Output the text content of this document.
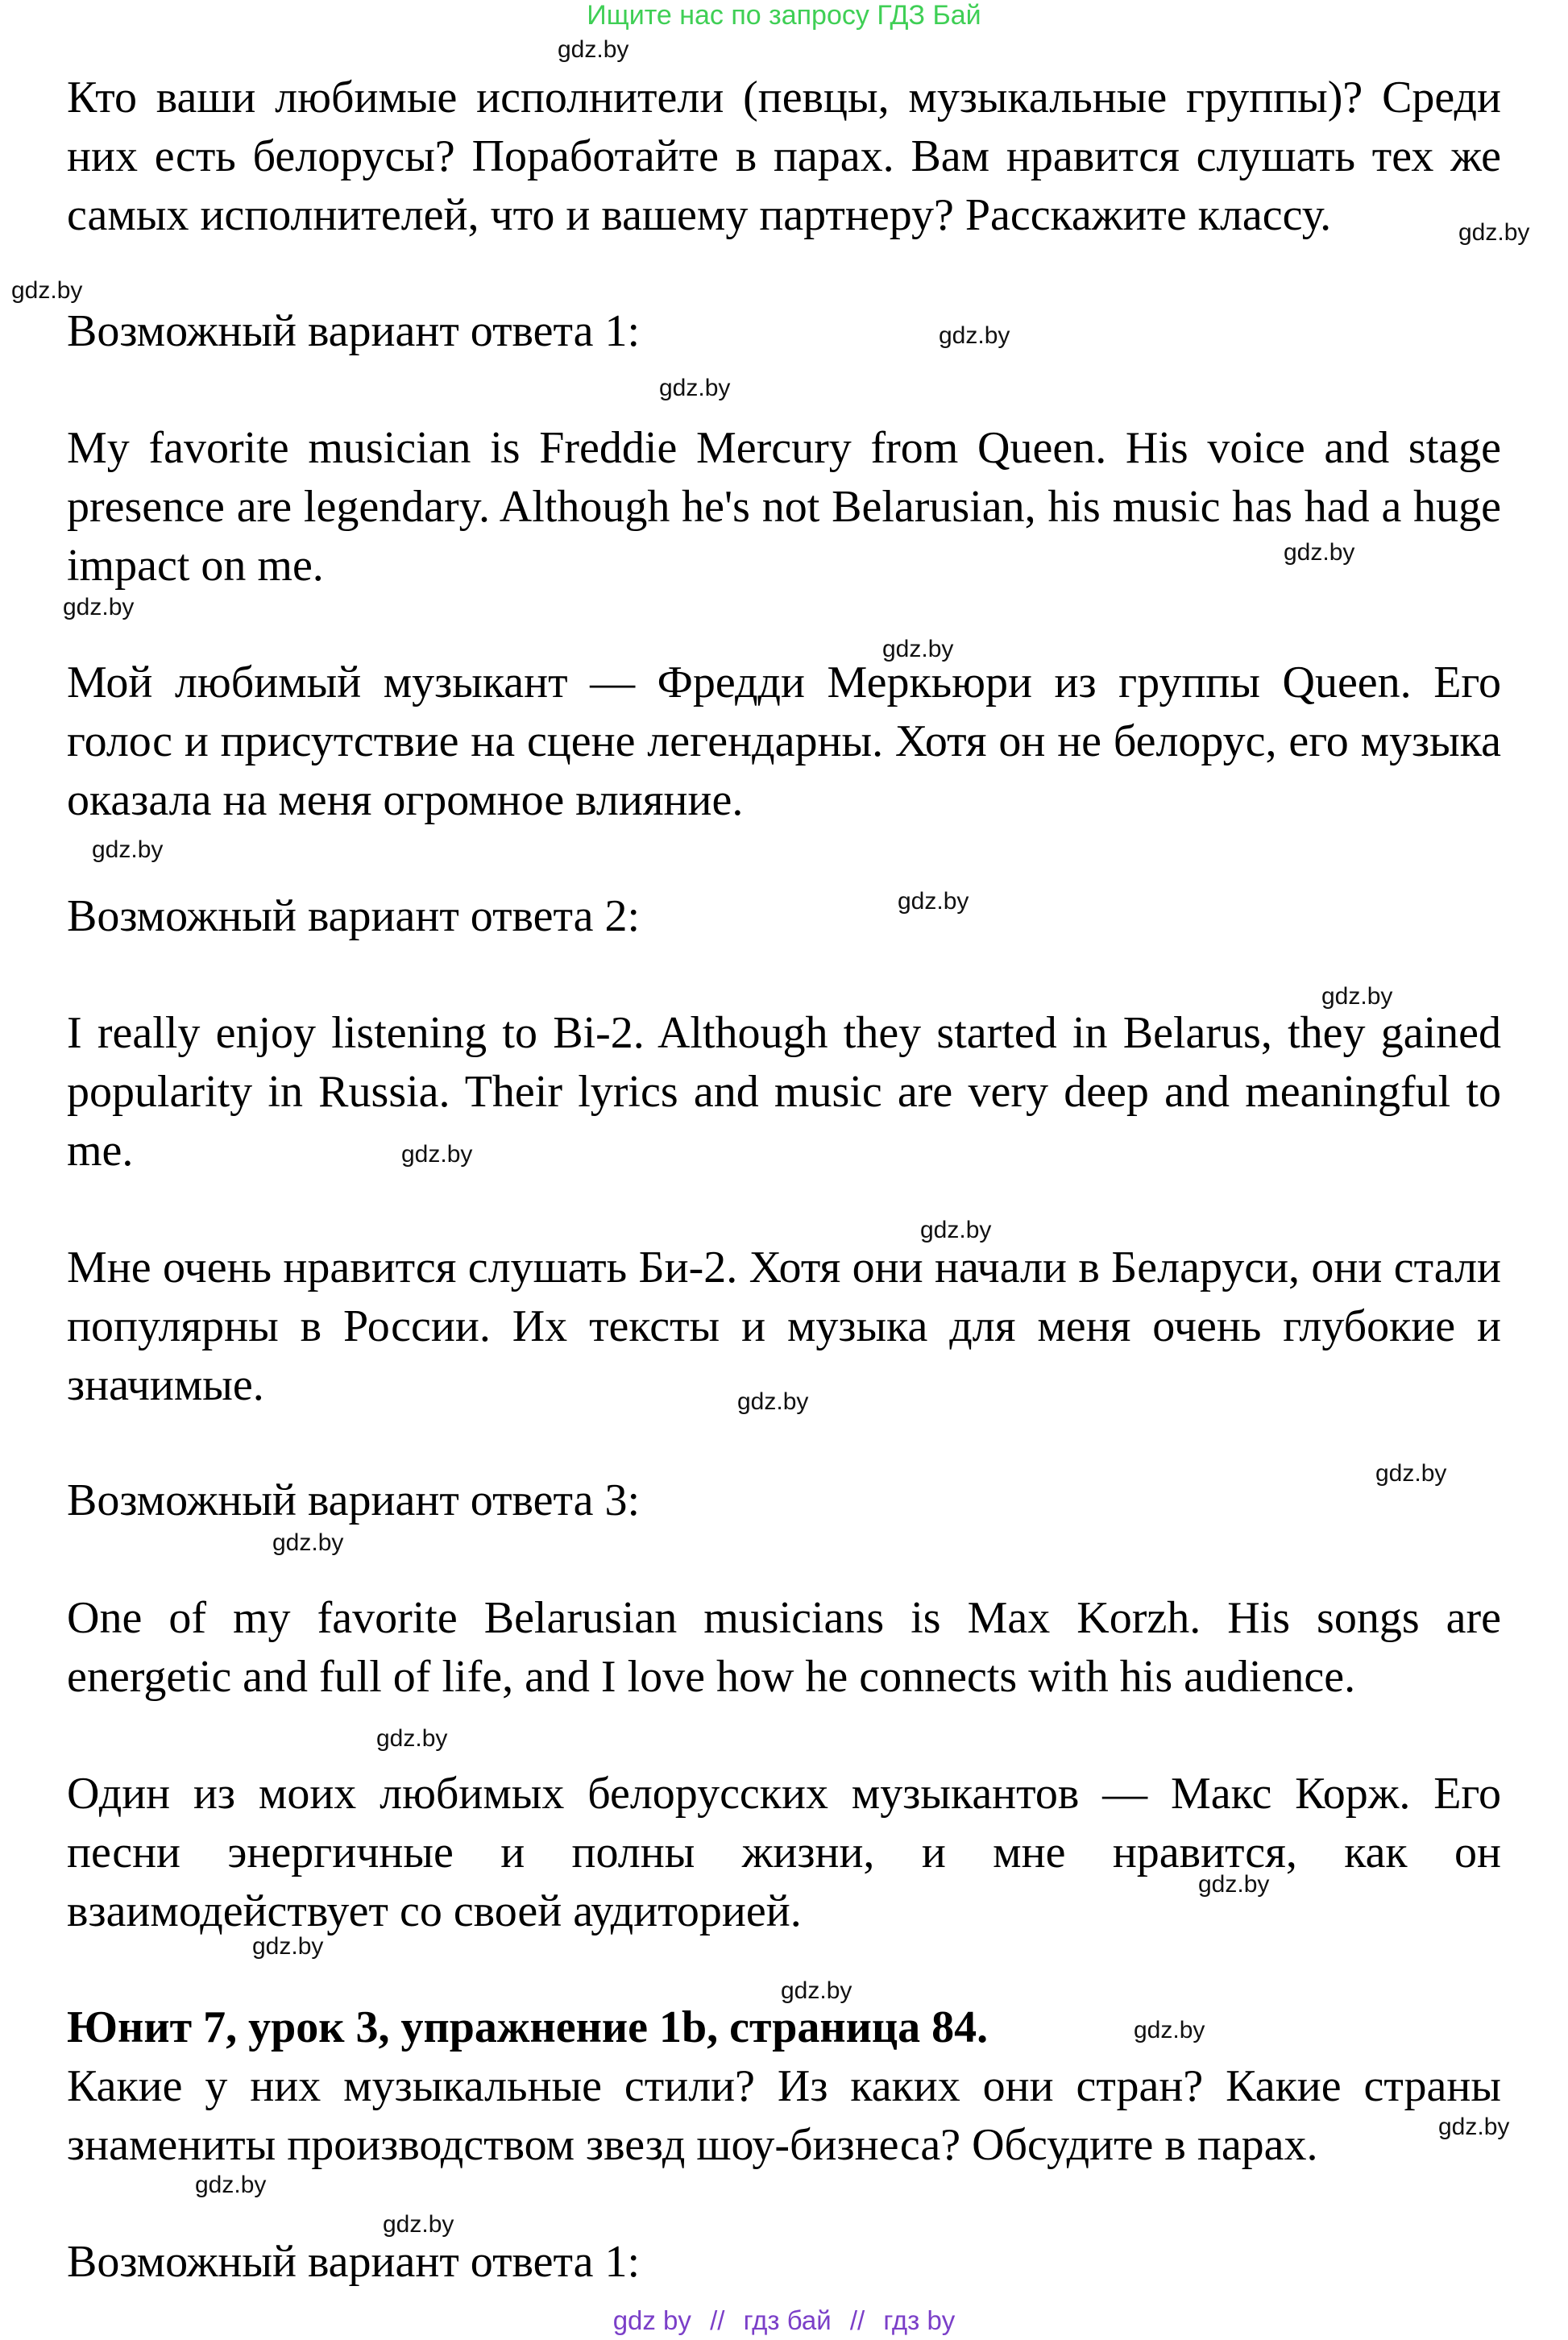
Ищите нас по запросу ГДЗ Бай

Кто ваши любимые исполнители (певцы, музыкальные группы)? Среди них есть белорусы? Поработайте в парах. Вам нравится слушать тех же самых исполнителей, что и вашему партнеру? Расскажите классу.

Возможный вариант ответа 1:

My favorite musician is Freddie Mercury from Queen. His voice and stage presence are legendary. Although he's not Belarusian, his music has had a huge impact on me.

Мой любимый музыкант — Фредди Меркьюри из группы Queen. Его голос и присутствие на сцене легендарны. Хотя он не белорус, его музыка оказала на меня огромное влияние.

Возможный вариант ответа 2:

I really enjoy listening to Bi-2. Although they started in Belarus, they gained popularity in Russia. Their lyrics and music are very deep and meaningful to me.

Мне очень нравится слушать Би-2. Хотя они начали в Беларуси, они стали популярны в России. Их тексты и музыка для меня очень глубокие и значимые.

Возможный вариант ответа 3:

One of my favorite Belarusian musicians is Max Korzh. His songs are energetic and full of life, and I love how he connects with his audience.

Один из моих любимых белорусских музыкантов — Макс Корж. Его песни энергичные и полны жизни, и мне нравится, как он взаимодействует со своей аудиторией.

Юнит 7, урок 3, упражнение 1b, страница 84.

Какие у них музыкальные стили? Из каких они стран? Какие страны знамениты производством звезд шоу-бизнеса? Обсудите в парах.

Возможный вариант ответа 1:

gdz.by
gdz.by
gdz.by
gdz.by
gdz.by
gdz.by
gdz.by
gdz.by
gdz.by
gdz.by
gdz.by
gdz.by
gdz.by
gdz.by
gdz.by
gdz.by
gdz.by
gdz.by
gdz.by
gdz.by
gdz.by
gdz.by
gdz.by
gdz.by
gdz by // гдз бай // гдз by
